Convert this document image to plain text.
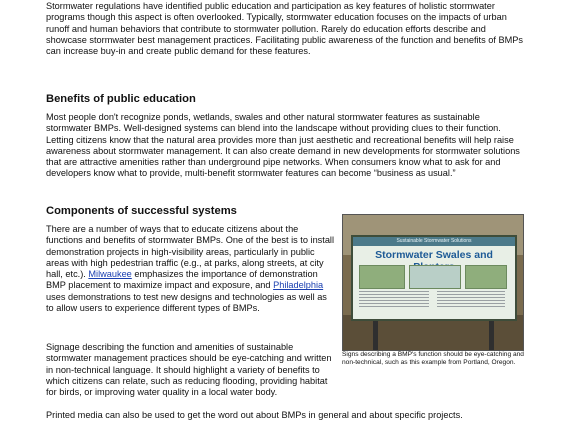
Stormwater regulations have identified public education and participation as key features of holistic stormwater programs though this aspect is often overlooked. Typically, stormwater education focuses on the impacts of urban runoff and human behaviors that contribute to stormwater pollution. Rarely do education efforts describe and showcase stormwater best management practices. Facilitating public awareness of the function and benefits of BMPs can increase buy-in and create public demand for these features.

Benefits of public education

Most people don't recognize ponds, wetlands, swales and other natural stormwater features as sustainable stormwater BMPs. Well-designed systems can blend into the landscape without providing clues to their function. Letting citizens know that the natural area provides more than just aesthetic and recreational benefits will help raise awareness about stormwater management. It can also create demand in new developments for stormwater solutions that are attractive amenities rather than underground pipe networks. When consumers know what to ask for and developers know what to provide, multi-benefit stormwater features can become “business as usual.”

Components of successful systems

There are a number of ways that to educate citizens about the functions and benefits of stormwater BMPs. One of the best is to install demonstration projects in high-visibility areas, particularly in public areas with high pedestrian traffic (e.g., at parks, along streets, at city hall, etc.). Milwaukee emphasizes the importance of demonstration BMP placement to maximize impact and exposure, and Philadelphia uses demonstrations to test new designs and technologies as well as to allow users to experience different types of BMPs.

Signage describing the function and amenities of sustainable stormwater management practices should be eye-catching and written in non-technical language. It should highlight a variety of benefits to which citizens can relate, such as reducing flooding, providing habitat for birds, or improving water quality in a local water body.

Printed media can also be used to get the word out about BMPs in general and about specific projects.

Sustainable Stormwater Solutions
Stormwater Swales and

Signs describing a BMP's function should be eye-catching and non-technical, such as this example from Portland, Oregon.
